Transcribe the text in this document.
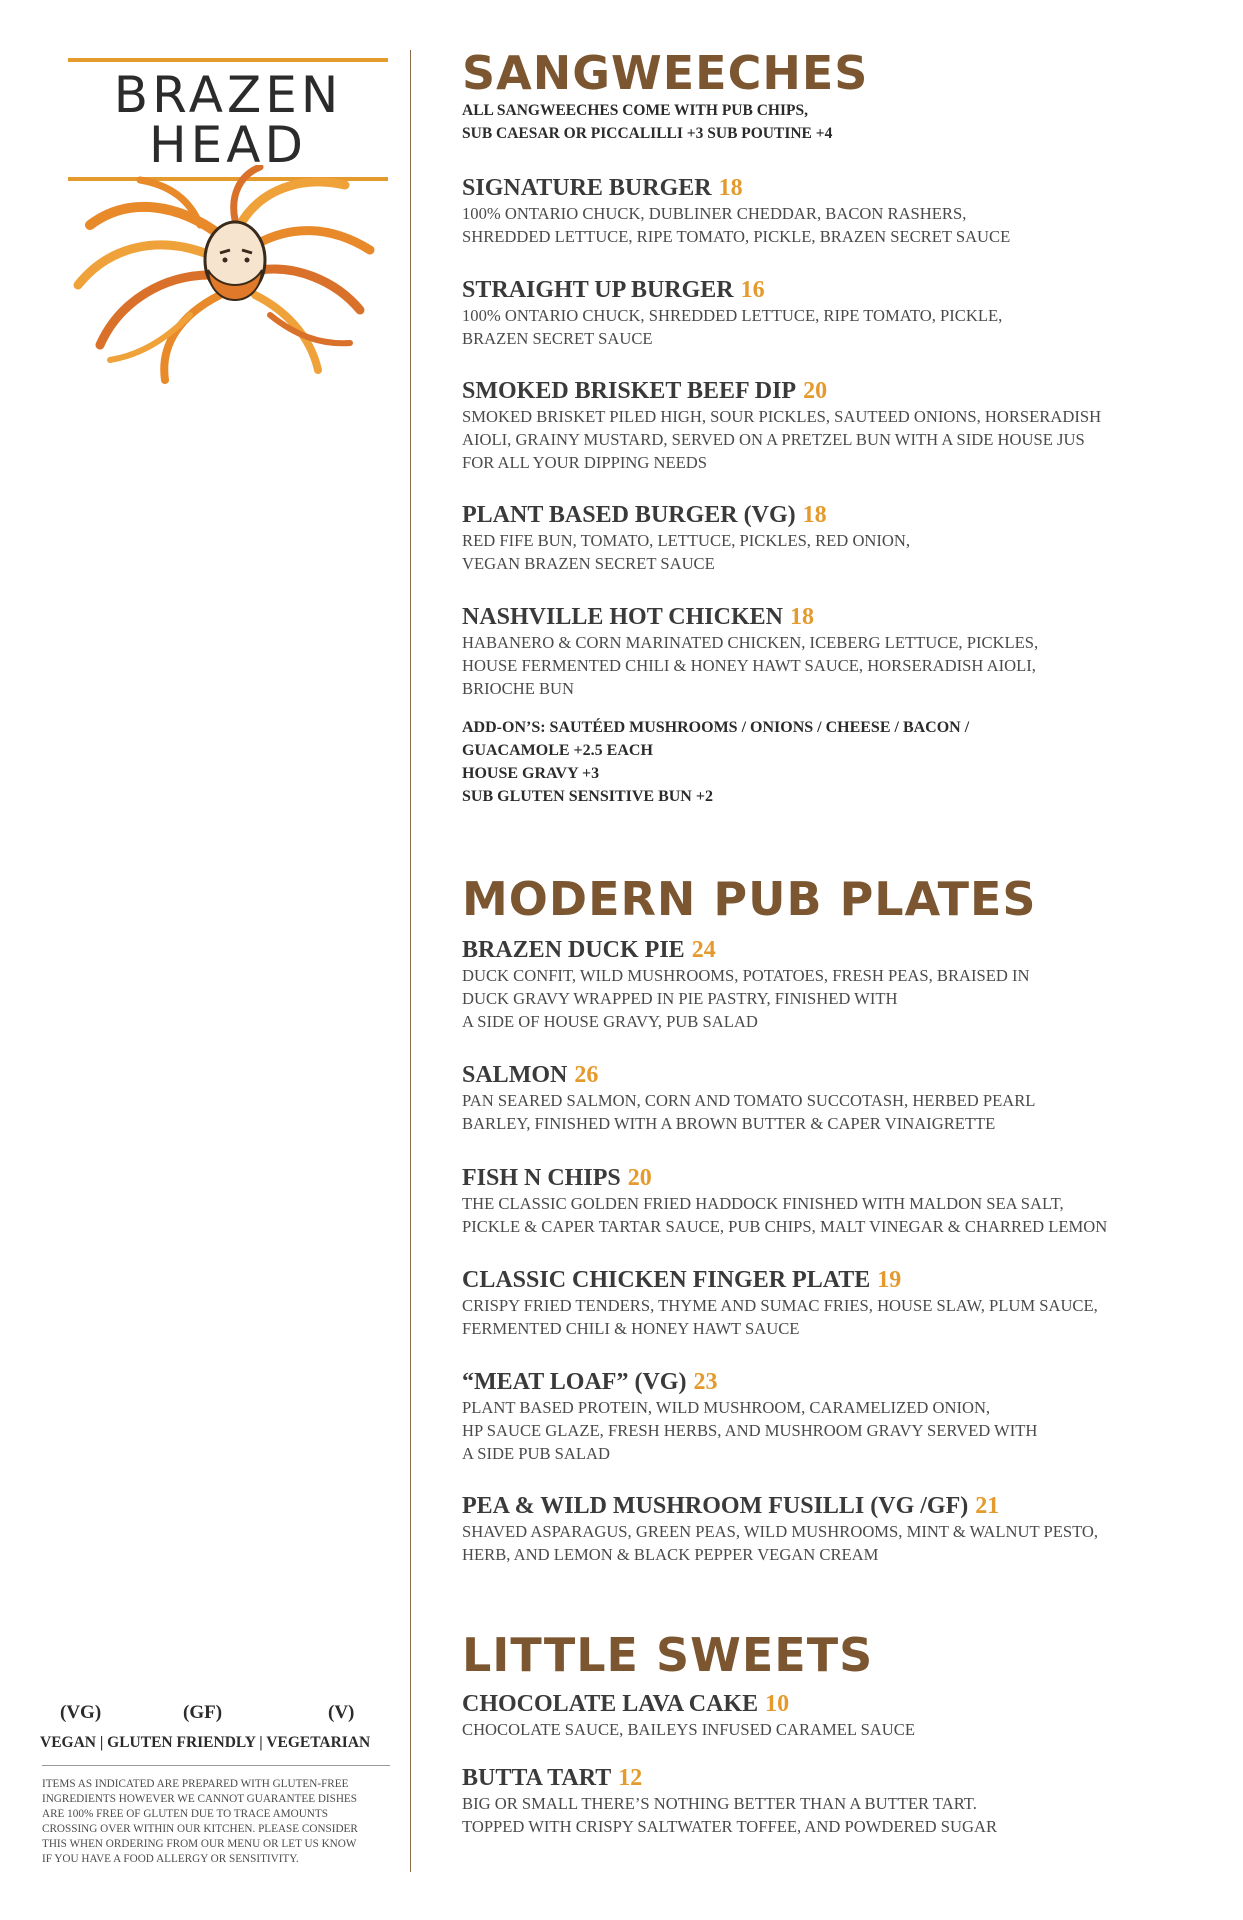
BRAZEN
HEAD
(VG)	(GF)	(V)
VEGAN | GLUTEN FRIENDLY | VEGETARIAN
ITEMS AS INDICATED ARE PREPARED WITH GLUTEN-FREE
INGREDIENTS HOWEVER WE CANNOT GUARANTEE DISHES
ARE 100% FREE OF GLUTEN DUE TO TRACE AMOUNTS
CROSSING OVER WITHIN OUR KITCHEN. PLEASE CONSIDER
THIS WHEN ORDERING FROM OUR MENU OR LET US KNOW
IF YOU HAVE A FOOD ALLERGY OR SENSITIVITY.
SANGWEECHES
ALL SANGWEECHES COME WITH PUB CHIPS,
SUB CAESAR OR PICCALILLI +3 SUB POUTINE +4
SIGNATURE BURGER 18
100% ONTARIO CHUCK, DUBLINER CHEDDAR, BACON RASHERS,
SHREDDED LETTUCE, RIPE TOMATO, PICKLE, BRAZEN SECRET SAUCE
STRAIGHT UP BURGER 16
100% ONTARIO CHUCK, SHREDDED LETTUCE, RIPE TOMATO, PICKLE,
BRAZEN SECRET SAUCE
SMOKED BRISKET BEEF DIP 20
SMOKED BRISKET PILED HIGH, SOUR PICKLES, SAUTEED ONIONS, HORSERADISH
AIOLI, GRAINY MUSTARD, SERVED ON A PRETZEL BUN WITH A SIDE HOUSE JUS
FOR ALL YOUR DIPPING NEEDS
PLANT BASED BURGER (VG) 18
RED FIFE BUN, TOMATO, LETTUCE, PICKLES, RED ONION,
VEGAN BRAZEN SECRET SAUCE
NASHVILLE HOT CHICKEN 18
HABANERO & CORN MARINATED CHICKEN, ICEBERG LETTUCE, PICKLES,
HOUSE FERMENTED CHILI & HONEY HAWT SAUCE, HORSERADISH AIOLI,
BRIOCHE BUN
ADD-ON’S: SAUTÉED MUSHROOMS / ONIONS / CHEESE / BACON /
GUACAMOLE +2.5 EACH
HOUSE GRAVY +3
SUB GLUTEN SENSITIVE BUN +2
MODERN PUB PLATES
BRAZEN DUCK PIE 24
DUCK CONFIT, WILD MUSHROOMS, POTATOES, FRESH PEAS, BRAISED IN
DUCK GRAVY WRAPPED IN PIE PASTRY, FINISHED WITH
A SIDE OF HOUSE GRAVY, PUB SALAD
SALMON 26
PAN SEARED SALMON, CORN AND TOMATO SUCCOTASH, HERBED PEARL
BARLEY, FINISHED WITH A BROWN BUTTER & CAPER VINAIGRETTE
FISH N CHIPS 20
THE CLASSIC GOLDEN FRIED HADDOCK FINISHED WITH MALDON SEA SALT,
PICKLE & CAPER TARTAR SAUCE, PUB CHIPS, MALT VINEGAR & CHARRED LEMON
CLASSIC CHICKEN FINGER PLATE 19
CRISPY FRIED TENDERS, THYME AND SUMAC FRIES, HOUSE SLAW, PLUM SAUCE,
FERMENTED CHILI & HONEY HAWT SAUCE
“MEAT LOAF” (VG) 23
PLANT BASED PROTEIN, WILD MUSHROOM, CARAMELIZED ONION,
HP SAUCE GLAZE, FRESH HERBS, AND MUSHROOM GRAVY SERVED WITH
A SIDE PUB SALAD
PEA & WILD MUSHROOM FUSILLI (VG /GF) 21
SHAVED ASPARAGUS, GREEN PEAS, WILD MUSHROOMS, MINT & WALNUT PESTO,
HERB, AND LEMON & BLACK PEPPER VEGAN CREAM
LITTLE SWEETS
CHOCOLATE LAVA CAKE 10
CHOCOLATE SAUCE, BAILEYS INFUSED CARAMEL SAUCE
BUTTA TART 12
BIG OR SMALL THERE’S NOTHING BETTER THAN A BUTTER TART.
TOPPED WITH CRISPY SALTWATER TOFFEE, AND POWDERED SUGAR
